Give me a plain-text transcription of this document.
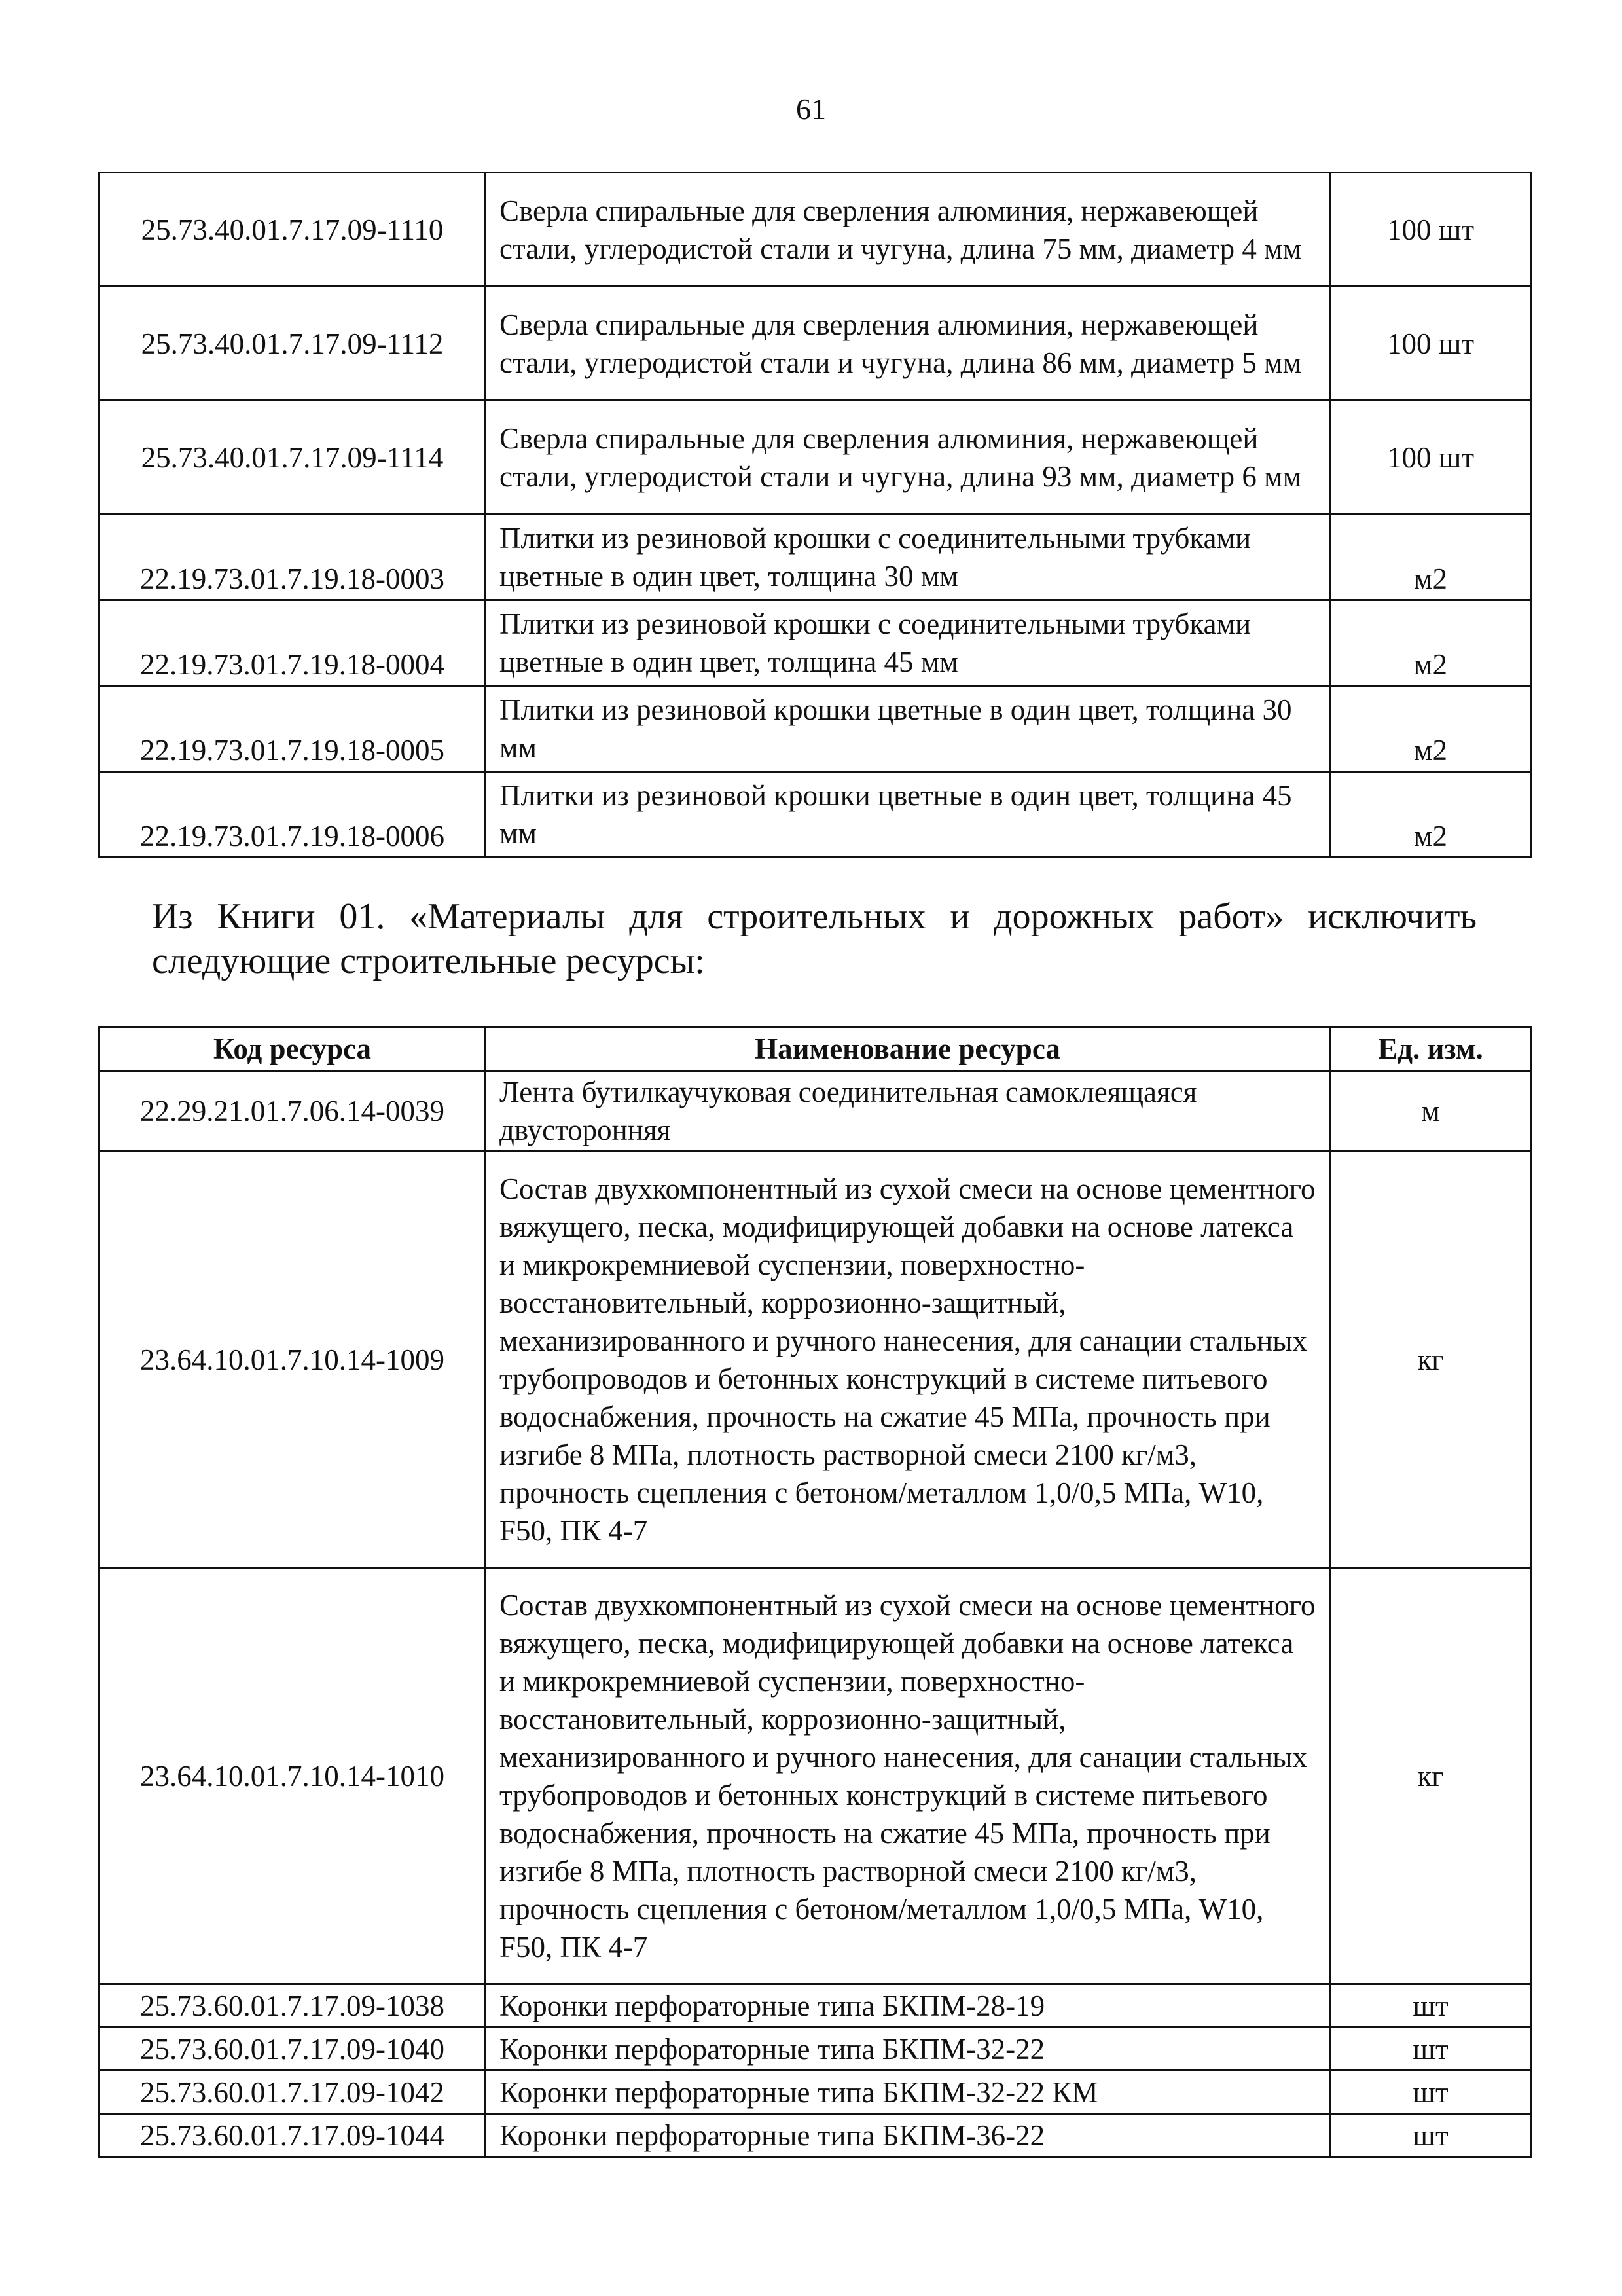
61
25.73.40.01.7.17.09-1110	Сверла спиральные для сверления алюминия, нержавеющей стали, углеродистой стали и чугуна, длина 75 мм, диаметр 4 мм	100 шт
25.73.40.01.7.17.09-1112	Сверла спиральные для сверления алюминия, нержавеющей стали, углеродистой стали и чугуна, длина 86 мм, диаметр 5 мм	100 шт
25.73.40.01.7.17.09-1114	Сверла спиральные для сверления алюминия, нержавеющей стали, углеродистой стали и чугуна, длина 93 мм, диаметр 6 мм	100 шт
22.19.73.01.7.19.18-0003	Плитки из резиновой крошки с соединительными трубками цветные в один цвет, толщина 30 мм	м2
22.19.73.01.7.19.18-0004	Плитки из резиновой крошки с соединительными трубками цветные в один цвет, толщина 45 мм	м2
22.19.73.01.7.19.18-0005	Плитки из резиновой крошки цветные в один цвет, толщина 30 мм	м2
22.19.73.01.7.19.18-0006	Плитки из резиновой крошки цветные в один цвет, толщина 45 мм	м2
Из Книги 01. «Материалы для строительных и дорожных работ» исключить
следующие строительные ресурсы:
Код ресурса	Наименование ресурса	Ед. изм.
22.29.21.01.7.06.14-0039	Лента бутилкаучуковая соединительная самоклеящаяся двусторонняя	м
23.64.10.01.7.10.14-1009	Состав двухкомпонентный из сухой смеси на основе цементного вяжущего, песка, модифицирующей добавки на основе латекса и микрокремниевой суспензии, поверхностно-восстановительный, коррозионно-защитный, механизированного и ручного нанесения, для санации стальных трубопроводов и бетонных конструкций в системе питьевого водоснабжения, прочность на сжатие 45 МПа, прочность при изгибе 8 МПа, плотность растворной смеси 2100 кг/м3, прочность сцепления с бетоном/металлом 1,0/0,5 МПа, W10, F50, ПК 4-7	кг
23.64.10.01.7.10.14-1010	Состав двухкомпонентный из сухой смеси на основе цементного вяжущего, песка, модифицирующей добавки на основе латекса и микрокремниевой суспензии, поверхностно-восстановительный, коррозионно-защитный, механизированного и ручного нанесения, для санации стальных трубопроводов и бетонных конструкций в системе питьевого водоснабжения, прочность на сжатие 45 МПа, прочность при изгибе 8 МПа, плотность растворной смеси 2100 кг/м3, прочность сцепления с бетоном/металлом 1,0/0,5 МПа, W10, F50, ПК 4-7	кг
25.73.60.01.7.17.09-1038	Коронки перфораторные типа БКПМ-28-19	шт
25.73.60.01.7.17.09-1040	Коронки перфораторные типа БКПМ-32-22	шт
25.73.60.01.7.17.09-1042	Коронки перфораторные типа БКПМ-32-22 КМ	шт
25.73.60.01.7.17.09-1044	Коронки перфораторные типа БКПМ-36-22	шт
